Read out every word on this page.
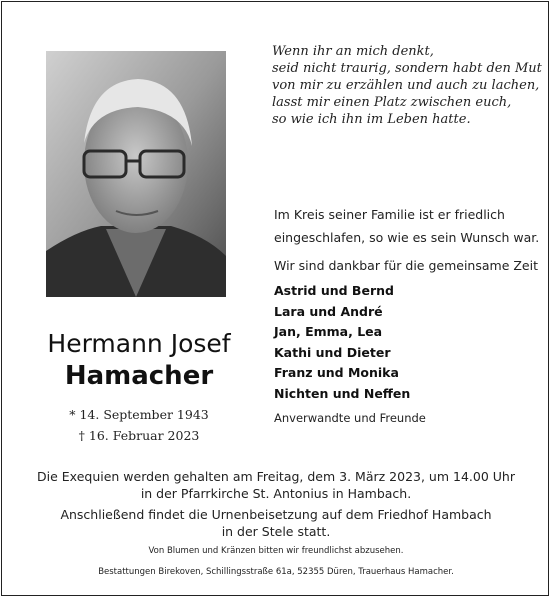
Wenn ihr an mich denkt,
seid nicht traurig, sondern habt den Mut
von mir zu erzählen und auch zu lachen,
lasst mir einen Platz zwischen euch,
so wie ich ihn im Leben hatte.
Im Kreis seiner Familie ist er friedlich
eingeschlafen, so wie es sein Wunsch war.
Wir sind dankbar für die gemeinsame Zeit
Astrid und Bernd
Lara und André
Jan, Emma, Lea
Kathi und Dieter
Franz und Monika
Nichten und Neffen
Anverwandte und Freunde
Hermann Josef
Hamacher
* 14. September 1943
† 16. Februar 2023
Die Exequien werden gehalten am Freitag, dem 3. März 2023, um 14.00 Uhr
in der Pfarrkirche St. Antonius in Hambach.
Anschließend findet die Urnenbeisetzung auf dem Friedhof Hambach
in der Stele statt.
Von Blumen und Kränzen bitten wir freundlichst abzusehen.
Bestattungen Birekoven, Schillingsstraße 61a, 52355 Düren, Trauerhaus Hamacher.
